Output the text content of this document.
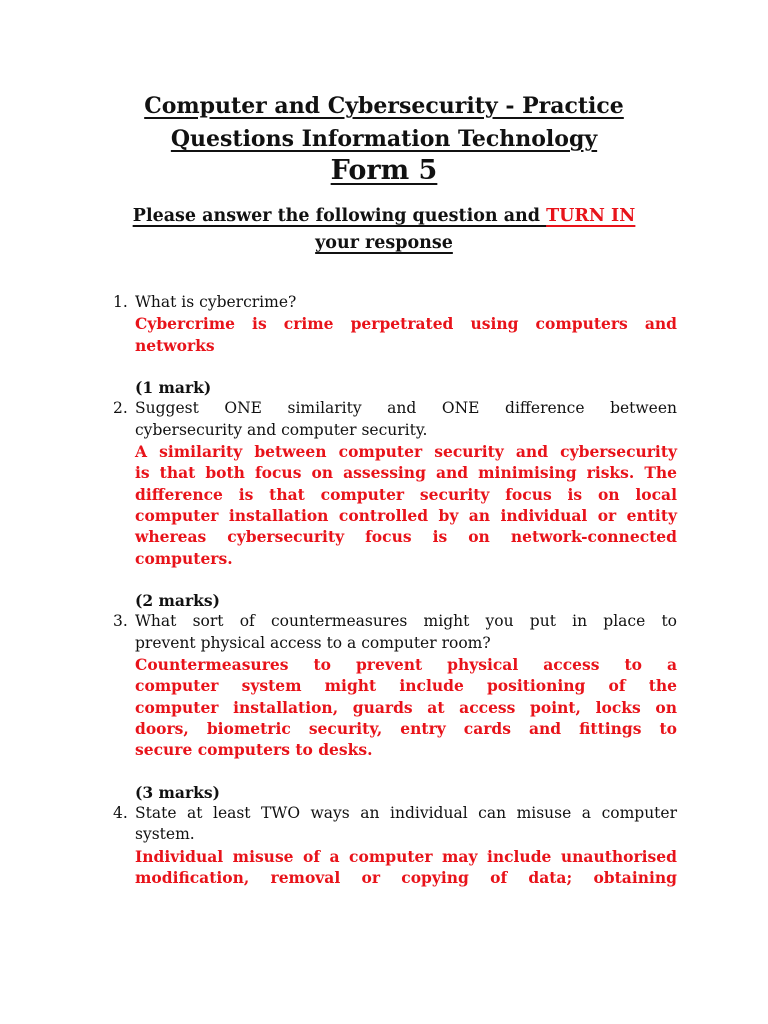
Computer and Cybersecurity - Practice
Questions Information Technology
Form 5
Please answer the following question and TURN IN
your response
1. What is cybercrime?
Cybercrime is crime perpetrated using computers and
networks
(1 mark)
2. Suggest ONE similarity and ONE difference between
cybersecurity and computer security.
A similarity between computer security and cybersecurity
is that both focus on assessing and minimising risks. The
difference is that computer security focus is on local
computer installation controlled by an individual or entity
whereas cybersecurity focus is on network-connected
computers.
(2 marks)
3. What sort of countermeasures might you put in place to
prevent physical access to a computer room?
Countermeasures to prevent physical access to a
computer system might include positioning of the
computer installation, guards at access point, locks on
doors, biometric security, entry cards and fittings to
secure computers to desks.
(3 marks)
4. State at least TWO ways an individual can misuse a computer
system.
Individual misuse of a computer may include unauthorised
modification, removal or copying of data; obtaining
